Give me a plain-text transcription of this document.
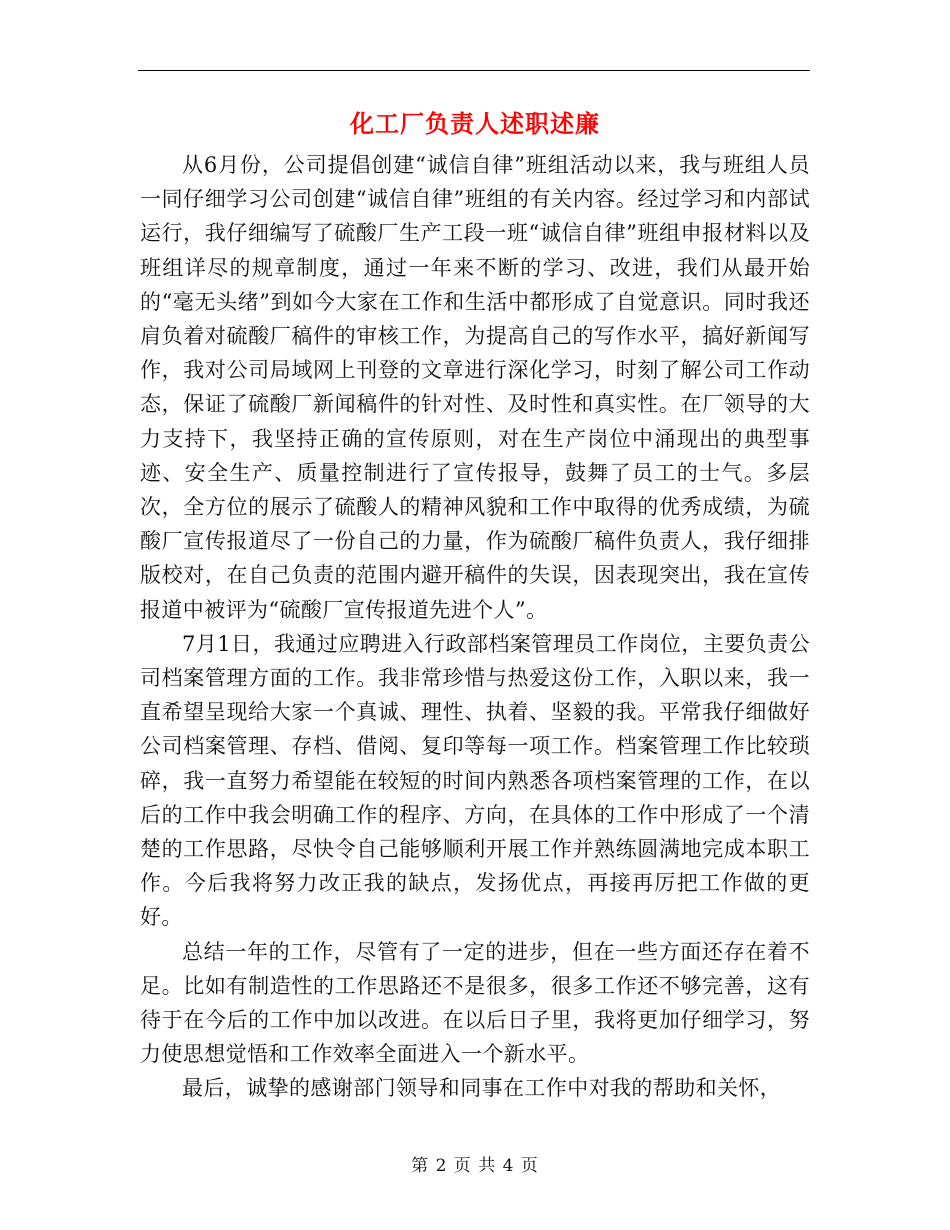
化工厂负责人述职述廉

从6月份，公司提倡创建“诚信自律”班组活动以来，我与班组人员一同仔细学习公司创建“诚信自律”班组的有关内容。经过学习和内部试运行，我仔细编写了硫酸厂生产工段一班“诚信自律”班组申报材料以及班组详尽的规章制度，通过一年来不断的学习、改进，我们从最开始的“毫无头绪”到如今大家在工作和生活中都形成了自觉意识。同时我还肩负着对硫酸厂稿件的审核工作，为提高自己的写作水平，搞好新闻写作，我对公司局域网上刊登的文章进行深化学习，时刻了解公司工作动态，保证了硫酸厂新闻稿件的针对性、及时性和真实性。在厂领导的大力支持下，我坚持正确的宣传原则，对在生产岗位中涌现出的典型事迹、安全生产、质量控制进行了宣传报导，鼓舞了员工的士气。多层次，全方位的展示了硫酸人的精神风貌和工作中取得的优秀成绩，为硫酸厂宣传报道尽了一份自己的力量，作为硫酸厂稿件负责人，我仔细排版校对，在自己负责的范围内避开稿件的失误，因表现突出，我在宣传报道中被评为“硫酸厂宣传报道先进个人”。

7月1日，我通过应聘进入行政部档案管理员工作岗位，主要负责公司档案管理方面的工作。我非常珍惜与热爱这份工作，入职以来，我一直希望呈现给大家一个真诚、理性、执着、坚毅的我。平常我仔细做好公司档案管理、存档、借阅、复印等每一项工作。档案管理工作比较琐碎，我一直努力希望能在较短的时间内熟悉各项档案管理的工作，在以后的工作中我会明确工作的程序、方向，在具体的工作中形成了一个清楚的工作思路，尽快令自己能够顺利开展工作并熟练圆满地完成本职工作。今后我将努力改正我的缺点，发扬优点，再接再厉把工作做的更好。

总结一年的工作，尽管有了一定的进步，但在一些方面还存在着不足。比如有制造性的工作思路还不是很多，很多工作还不够完善，这有待于在今后的工作中加以改进。在以后日子里，我将更加仔细学习，努力使思想觉悟和工作效率全面进入一个新水平。

最后，诚挚的感谢部门领导和同事在工作中对我的帮助和关怀，

第 2 页 共 4 页
